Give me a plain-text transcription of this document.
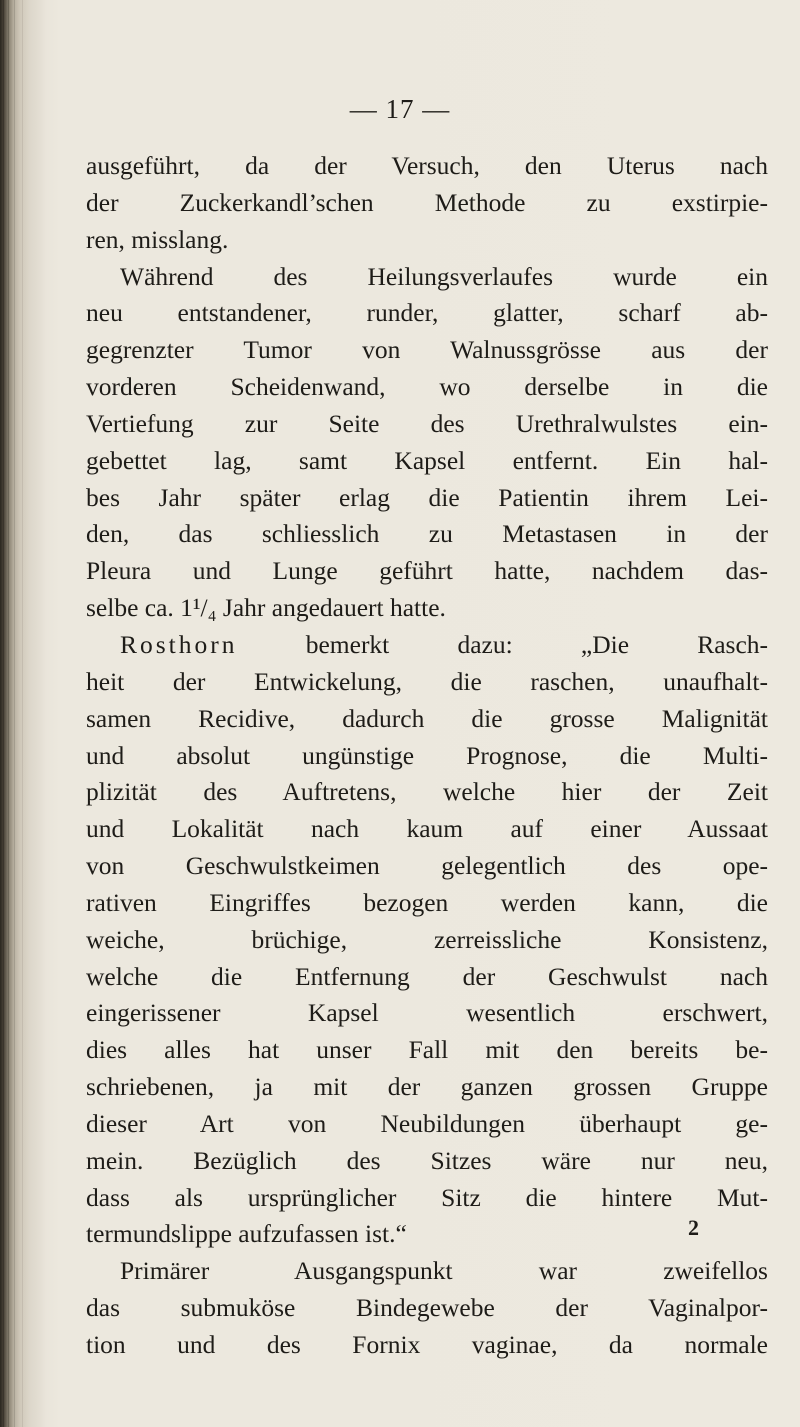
— 17 —
ausgeführt, da der Versuch, den Uterus nach
der Zuckerkandl’schen Methode zu exstirpie-
ren, misslang.
Während des Heilungsverlaufes wurde ein
neu entstandener, runder, glatter, scharf ab-
gegrenzter Tumor von Walnussgrösse aus der
vorderen Scheidenwand, wo derselbe in die
Vertiefung zur Seite des Urethralwulstes ein-
gebettet lag, samt Kapsel entfernt. Ein hal-
bes Jahr später erlag die Patientin ihrem Lei-
den, das schliesslich zu Metastasen in der
Pleura und Lunge geführt hatte, nachdem das-
selbe ca. 1¹/₄ Jahr angedauert hatte.
Rosthorn	bemerkt dazu: „Die Rasch-
heit der Entwickelung, die raschen, unaufhalt-
samen Recidive, dadurch die grosse Malignität
und absolut ungünstige Prognose, die Multi-
plizität des Auftretens, welche hier der Zeit
und Lokalität nach kaum auf einer Aussaat
von Geschwulstkeimen gelegentlich des ope-
rativen Eingriffes bezogen werden kann, die
weiche, brüchige, zerreissliche Konsistenz,
welche die Entfernung der Geschwulst nach
eingerissener Kapsel wesentlich erschwert,
dies alles hat unser Fall mit den bereits be-
schriebenen, ja mit der ganzen grossen Gruppe
dieser Art von Neubildungen überhaupt ge-
mein. Bezüglich des Sitzes wäre nur neu,
dass als ursprünglicher Sitz die hintere Mut-
termundslippe aufzufassen ist.“
Primärer Ausgangspunkt war zweifellos
das submuköse Bindegewebe der Vaginalpor-
tion und des Fornix vaginae, da normale
2
